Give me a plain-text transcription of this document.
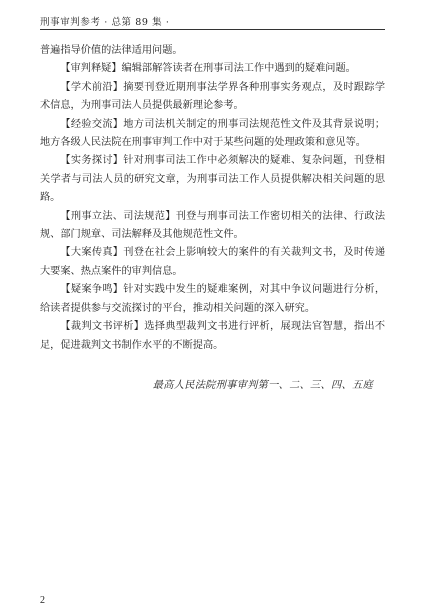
刑事审判参考 · 总第 89 集 ·

普遍指导价值的法律适用问题。

【审判释疑】编辑部解答读者在刑事司法工作中遇到的疑难问题。

【学术前沿】摘要刊登近期刑事法学界各种刑事实务观点，及时跟踪学术信息，为刑事司法人员提供最新理论参考。

【经验交流】地方司法机关制定的刑事司法规范性文件及其背景说明；地方各级人民法院在刑事审判工作中对于某些问题的处理政策和意见等。

【实务探讨】针对刑事司法工作中必须解决的疑难、复杂问题，刊登相关学者与司法人员的研究文章，为刑事司法工作人员提供解决相关问题的思路。

【刑事立法、司法规范】刊登与刑事司法工作密切相关的法律、行政法规、部门规章、司法解释及其他规范性文件。

【大案传真】刊登在社会上影响较大的案件的有关裁判文书，及时传递大要案、热点案件的审判信息。

【疑案争鸣】针对实践中发生的疑难案例，对其中争议问题进行分析，给读者提供参与交流探讨的平台，推动相关问题的深入研究。

【裁判文书评析】选择典型裁判文书进行评析，展现法官智慧，指出不足，促进裁判文书制作水平的不断提高。

最高人民法院刑事审判第一、二、三、四、五庭
2
